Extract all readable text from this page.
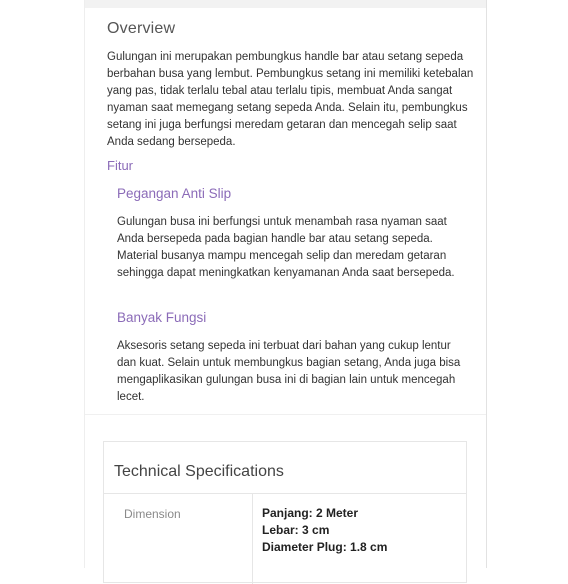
Overview

Gulungan ini merupakan pembungkus handle bar atau setang sepeda berbahan busa yang lembut. Pembungkus setang ini memiliki ketebalan yang pas, tidak terlalu tebal atau terlalu tipis, membuat Anda sangat nyaman saat memegang setang sepeda Anda. Selain itu, pembungkus setang ini juga berfungsi meredam getaran dan mencegah selip saat Anda sedang bersepeda.

Fitur
Pegangan Anti Slip

Gulungan busa ini berfungsi untuk menambah rasa nyaman saat Anda bersepeda pada bagian handle bar atau setang sepeda. Material busanya mampu mencegah selip dan meredam getaran sehingga dapat meningkatkan kenyamanan Anda saat bersepeda.

Banyak Fungsi

Aksesoris setang sepeda ini terbuat dari bahan yang cukup lentur dan kuat. Selain untuk membungkus bagian setang, Anda juga bisa mengaplikasikan gulungan busa ini di bagian lain untuk mencegah lecet.

Technical Specifications
Dimension	Panjang: 2 Meter
Lebar: 3 cm
Diameter Plug: 1.8 cm
